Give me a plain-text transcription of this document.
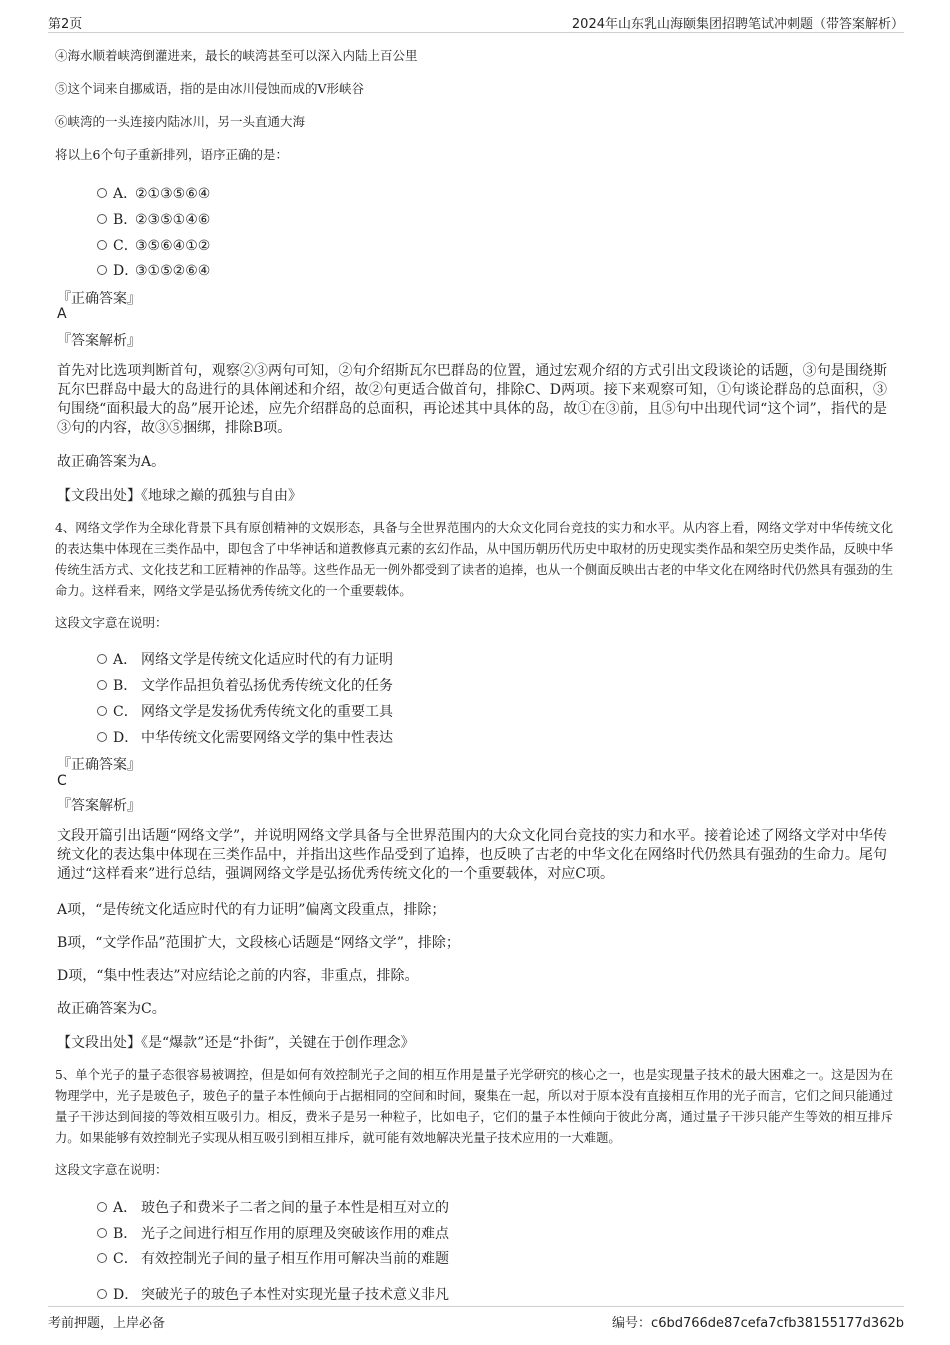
第2页	2024年山东乳山海颐集团招聘笔试冲刺题（带答案解析）
④海水顺着峡湾倒灌进来，最长的峡湾甚至可以深入内陆上百公里
⑤这个词来自挪威语，指的是由冰川侵蚀而成的V形峡谷
⑥峡湾的一头连接内陆冰川，另一头直通大海
将以上6个句子重新排列，语序正确的是：
A．②①③⑤⑥④
B．②③⑤①④⑥
C．③⑤⑥④①②
D．③①⑤②⑥④
『正确答案』
A
『答案解析』
首先对比选项判断首句，观察②③两句可知，②句介绍斯瓦尔巴群岛的位置，通过宏观介绍的方式引出文段谈论的话题，③句是围绕斯瓦尔巴群岛中最大的岛进行的具体阐述和介绍，故②句更适合做首句，排除C、D两项。接下来观察可知，①句谈论群岛的总面积，③句围绕“面积最大的岛”展开论述，应先介绍群岛的总面积，再论述其中具体的岛，故①在③前，且⑤句中出现代词“这个词”，指代的是③句的内容，故③⑤捆绑，排除B项。
故正确答案为A。
【文段出处】《地球之巅的孤独与自由》
4、网络文学作为全球化背景下具有原创精神的文娱形态，具备与全世界范围内的大众文化同台竞技的实力和水平。从内容上看，网络文学对中华传统文化的表达集中体现在三类作品中，即包含了中华神话和道教修真元素的玄幻作品，从中国历朝历代历史中取材的历史现实类作品和架空历史类作品，反映中华传统生活方式、文化技艺和工匠精神的作品等。这些作品无一例外都受到了读者的追捧，也从一个侧面反映出古老的中华文化在网络时代仍然具有强劲的生命力。这样看来，网络文学是弘扬优秀传统文化的一个重要载体。
这段文字意在说明：
A． 网络文学是传统文化适应时代的有力证明
B． 文学作品担负着弘扬优秀传统文化的任务
C． 网络文学是发扬优秀传统文化的重要工具
D． 中华传统文化需要网络文学的集中性表达
『正确答案』
C
『答案解析』
文段开篇引出话题“网络文学”，并说明网络文学具备与全世界范围内的大众文化同台竞技的实力和水平。接着论述了网络文学对中华传统文化的表达集中体现在三类作品中，并指出这些作品受到了追捧，也反映了古老的中华文化在网络时代仍然具有强劲的生命力。尾句通过“这样看来”进行总结，强调网络文学是弘扬优秀传统文化的一个重要载体，对应C项。
A项，“是传统文化适应时代的有力证明”偏离文段重点，排除；
B项，“文学作品”范围扩大，文段核心话题是“网络文学”，排除；
D项，“集中性表达”对应结论之前的内容，非重点，排除。
故正确答案为C。
【文段出处】《是“爆款”还是“扑街”，关键在于创作理念》
5、单个光子的量子态很容易被调控，但是如何有效控制光子之间的相互作用是量子光学研究的核心之一，也是实现量子技术的最大困难之一。这是因为在物理学中，光子是玻色子，玻色子的量子本性倾向于占据相同的空间和时间，聚集在一起，所以对于原本没有直接相互作用的光子而言，它们之间只能通过量子干涉达到间接的等效相互吸引力。相反，费米子是另一种粒子，比如电子，它们的量子本性倾向于彼此分离，通过量子干涉只能产生等效的相互排斥力。如果能够有效控制光子实现从相互吸引到相互排斥，就可能有效地解决光量子技术应用的一大难题。
这段文字意在说明：
A． 玻色子和费米子二者之间的量子本性是相互对立的
B． 光子之间进行相互作用的原理及突破该作用的难点
C． 有效控制光子间的量子相互作用可解决当前的难题
D． 突破光子的玻色子本性对实现光量子技术意义非凡
考前押题，上岸必备	编号：c6bd766de87cefa7cfb38155177d362b
